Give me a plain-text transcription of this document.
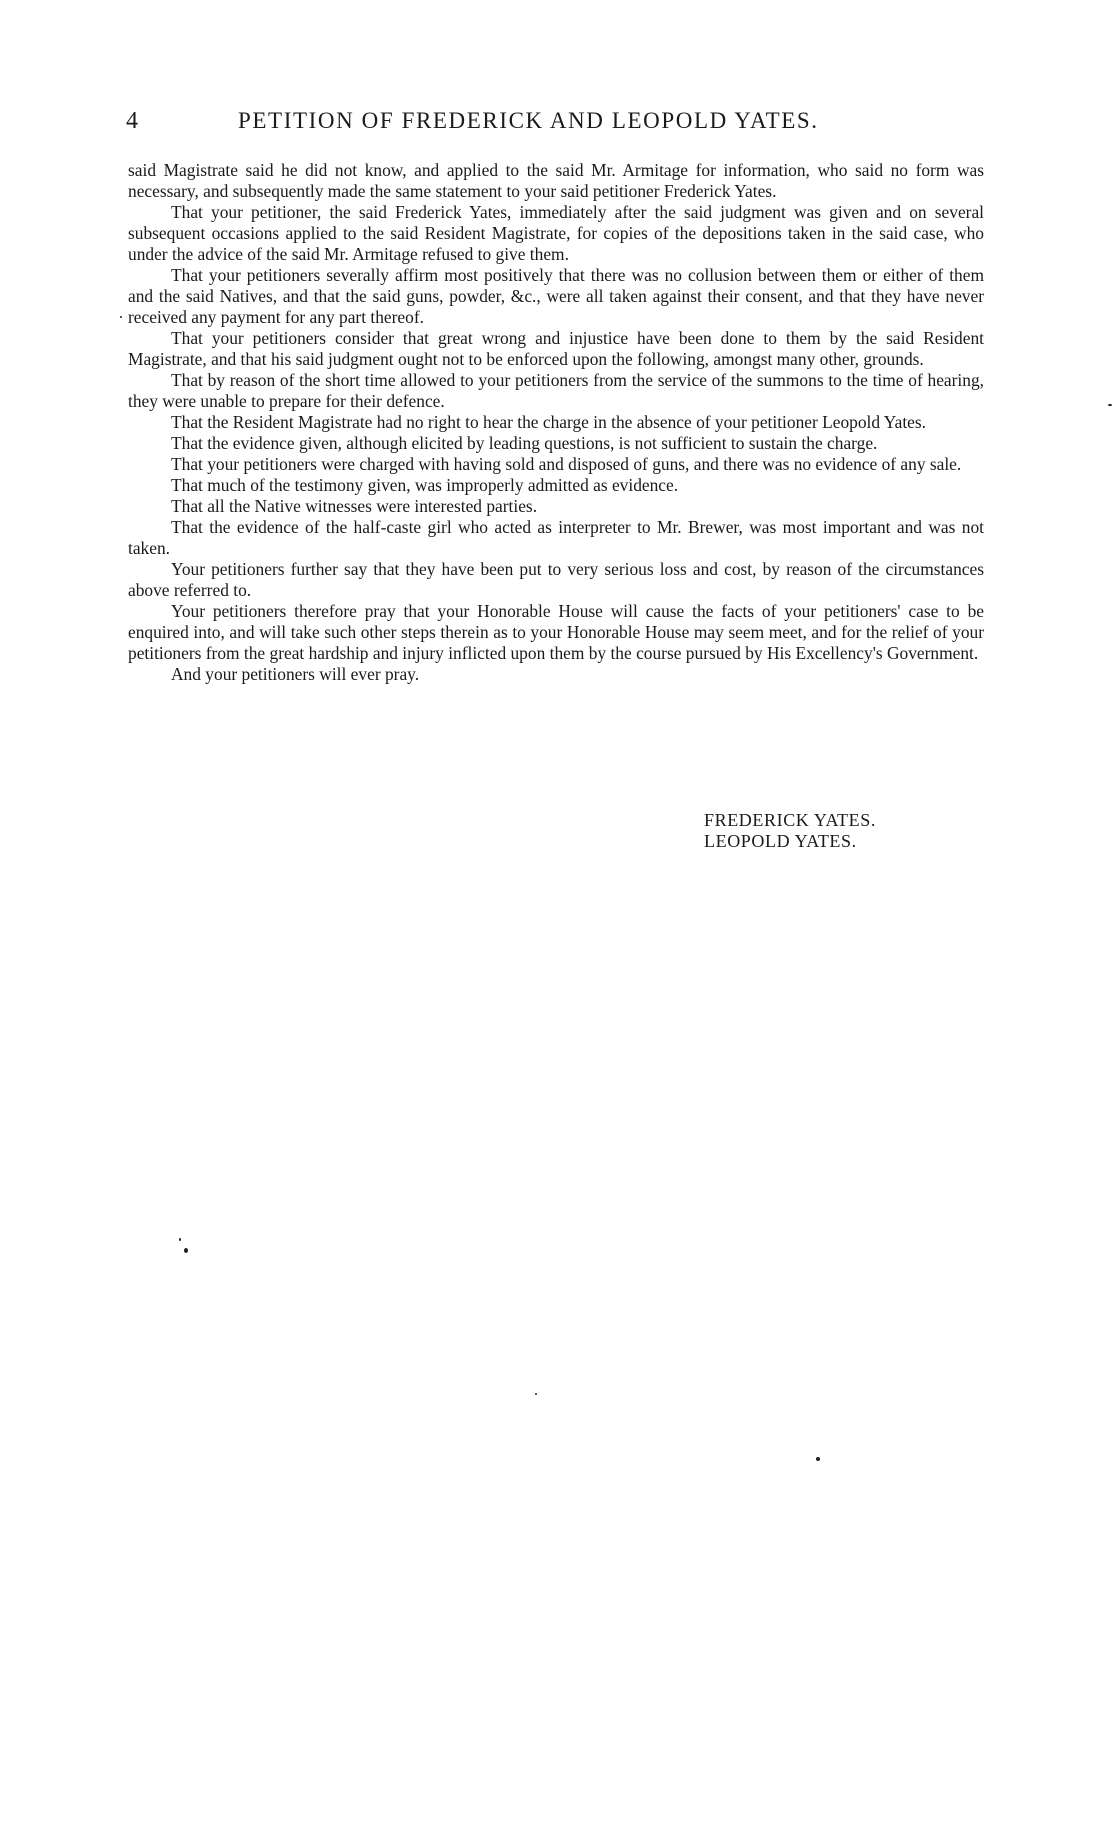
4	PETITION OF FREDERICK AND LEOPOLD YATES.

said Magistrate said he did not know, and applied to the said Mr. Armitage for information, who said no form was necessary, and subsequently made the same statement to your said petitioner Frederick Yates.

That your petitioner, the said Frederick Yates, immediately after the said judgment was given and on several subsequent occasions applied to the said Resident Magistrate, for copies of the depositions taken in the said case, who under the advice of the said Mr. Armitage refused to give them.

That your petitioners severally affirm most positively that there was no collusion between them or either of them and the said Natives, and that the said guns, powder, &c., were all taken against their consent, and that they have never received any payment for any part thereof.

That your petitioners consider that great wrong and injustice have been done to them by the said Resident Magistrate, and that his said judgment ought not to be enforced upon the following, amongst many other, grounds.

That by reason of the short time allowed to your petitioners from the service of the summons to the time of hearing, they were unable to prepare for their defence.

That the Resident Magistrate had no right to hear the charge in the absence of your petitioner Leopold Yates.

That the evidence given, although elicited by leading questions, is not sufficient to sustain the charge.

That your petitioners were charged with having sold and disposed of guns, and there was no evidence of any sale.

That much of the testimony given, was improperly admitted as evidence.

That all the Native witnesses were interested parties.

That the evidence of the half-caste girl who acted as interpreter to Mr. Brewer, was most important and was not taken.

Your petitioners further say that they have been put to very serious loss and cost, by reason of the circumstances above referred to.

Your petitioners therefore pray that your Honorable House will cause the facts of your petitioners' case to be enquired into, and will take such other steps therein as to your Honorable House may seem meet, and for the relief of your petitioners from the great hardship and injury inflicted upon them by the course pursued by His Excellency's Government.

And your petitioners will ever pray.

FREDERICK YATES.
LEOPOLD YATES.
